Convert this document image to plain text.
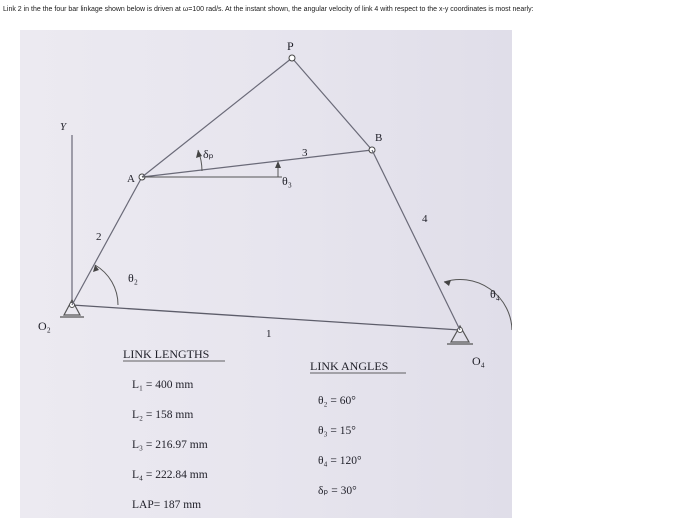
Link 2 in the the four bar linkage shown below is driven at ω=100 rad/s. At the instant shown, the angular velocity of link 4 with respect to the x-y coordinates is most nearly:
Y
1
O₂
O₄
2
θ₂
A
3
θ₃
δₚ
P
B
4
θ₄
LINK LENGTHS
L₁ = 400 mm
L₂ = 158 mm
L₃ = 216.97 mm
L₄ = 222.84 mm
LAP= 187 mm
LINK ANGLES
θ₂ = 60°
θ₃ = 15°
θ₄ = 120°
δₚ = 30°
